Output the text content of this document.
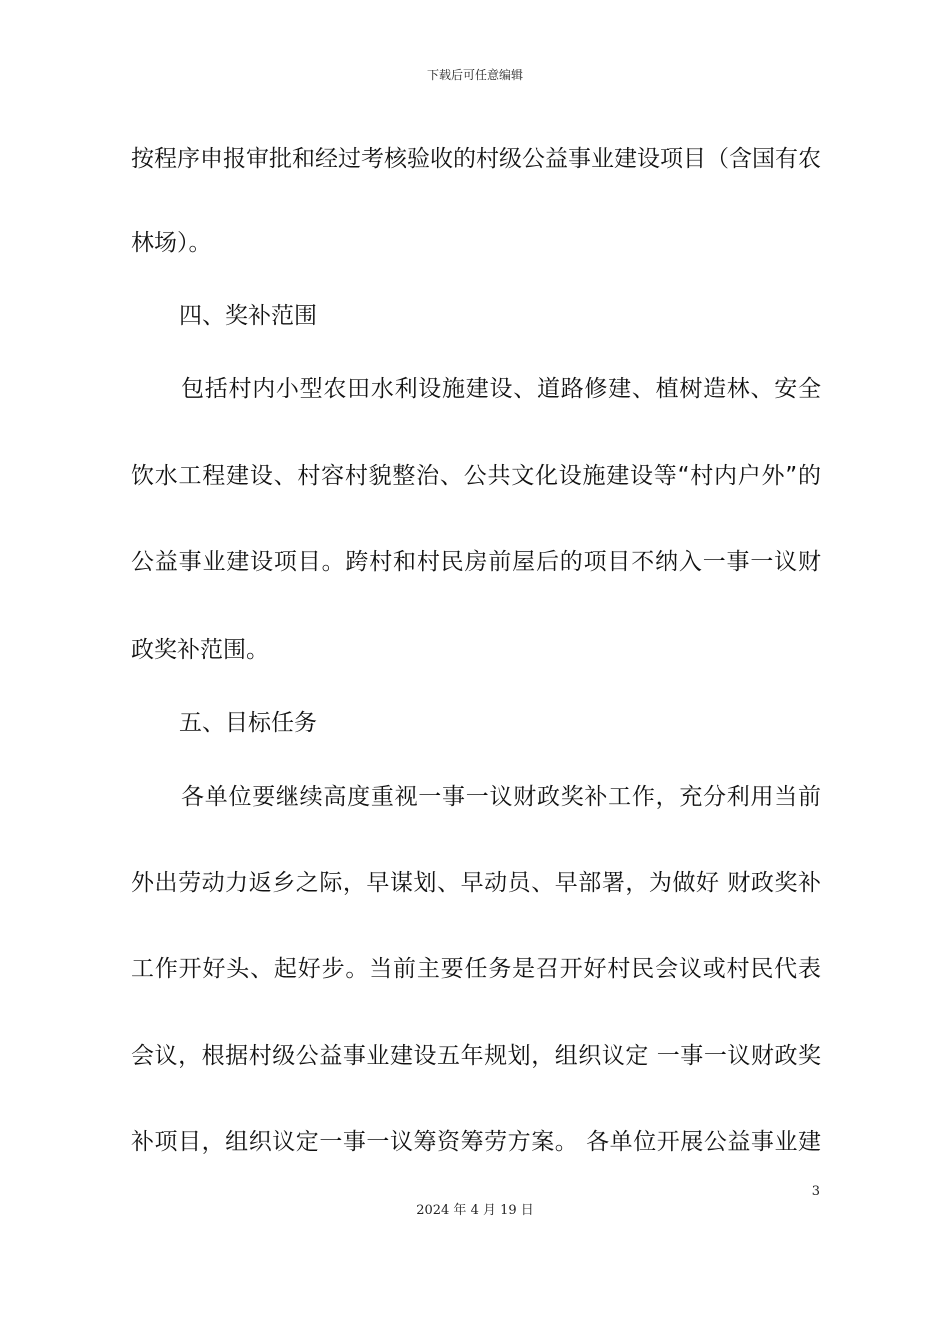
下载后可任意编辑
按程序申报审批和经过考核验收的村级公益事业建设项目（含国有农
林场）。
四、奖补范围
包括村内小型农田水利设施建设、道路修建、植树造林、安全
饮水工程建设、村容村貌整治、公共文化设施建设等“村内户外”的
公益事业建设项目。跨村和村民房前屋后的项目不纳入一事一议财
政奖补范围。
五、目标任务
各单位要继续高度重视一事一议财政奖补工作，充分利用当前
外出劳动力返乡之际，早谋划、早动员、早部署，为做好 财政奖补
工作开好头、起好步。当前主要任务是召开好村民会议或村民代表
会议，根据村级公益事业建设五年规划，组织议定 一事一议财政奖
补项目，组织议定一事一议筹资筹劳方案。 各单位开展公益事业建
3
2024 年 4 月 19 日
